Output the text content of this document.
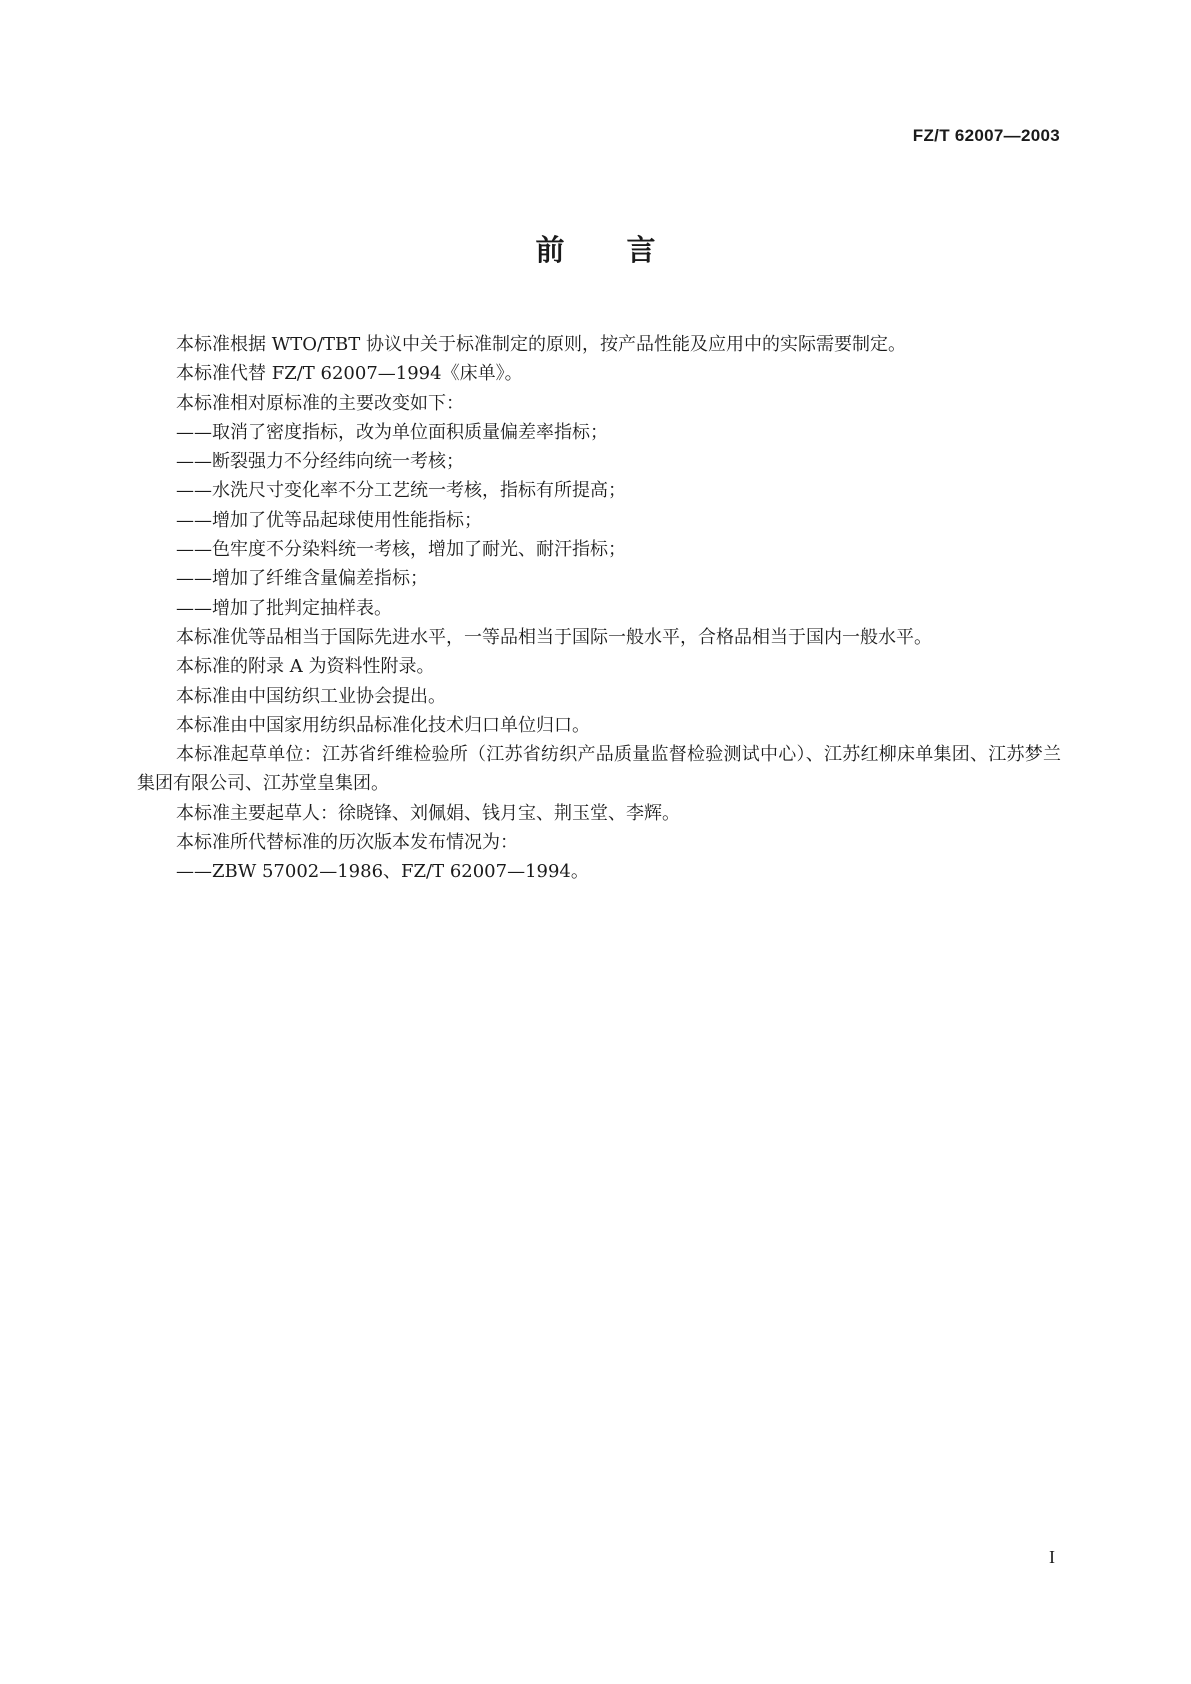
FZ/T 62007—2003
前言

本标准根据 WTO/TBT 协议中关于标准制定的原则，按产品性能及应用中的实际需要制定。

本标准代替 FZ/T 62007—1994《床单》。

本标准相对原标准的主要改变如下：

——取消了密度指标，改为单位面积质量偏差率指标；

——断裂强力不分经纬向统一考核；

——水洗尺寸变化率不分工艺统一考核，指标有所提高；

——增加了优等品起球使用性能指标；

——色牢度不分染料统一考核，增加了耐光、耐汗指标；

——增加了纤维含量偏差指标；

——增加了批判定抽样表。

本标准优等品相当于国际先进水平，一等品相当于国际一般水平，合格品相当于国内一般水平。

本标准的附录 A 为资料性附录。

本标准由中国纺织工业协会提出。

本标准由中国家用纺织品标准化技术归口单位归口。

本标准起草单位：江苏省纤维检验所（江苏省纺织产品质量监督检验测试中心）、江苏红柳床单集团、江苏梦兰集团有限公司、江苏堂皇集团。

本标准主要起草人：徐晓锋、刘佩娟、钱月宝、荆玉堂、李辉。

本标准所代替标准的历次版本发布情况为：

——ZBW 57002—1986、FZ/T 62007—1994。

I
